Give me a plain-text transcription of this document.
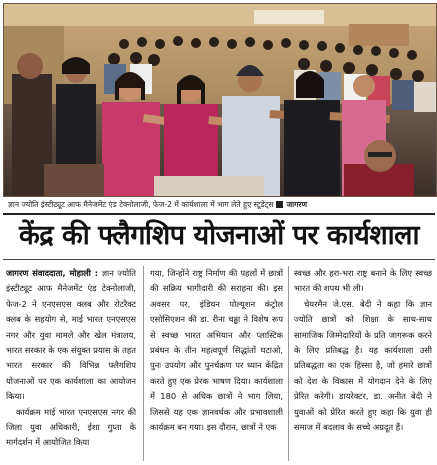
ज्ञान ज्योति इंस्टीट्यूट आफ मैनेजमेंट एंड टेक्नोलाजी, फेज-2 में कार्यशाला में भाग लेते हुए स्टूडेंट्स जागरण
केंद्र की फ्लैगशिप योजनाओं पर कार्यशाला

जागरण संवाददाता, मोहाली : ज्ञान ज्योति इंस्टीट्यूट आफ मैनेजमेंट एंड टेक्नोलाजी, फेज-2 ने एनएसएस क्लब और रोटरैक्ट क्लब के सहयोग से, माई भारत एनएसएस नगर और युवा मामले और खेल मंत्रालय, भारत सरकार के एक संयुक्त प्रयास के तहत भारत सरकार की विभिन्न फ्लैगशिप योजनाओं पर एक कार्यशाला का आयोजन किया।

कार्यक्रम माई भारत एनएसएस नगर की जिला युवा अधिकारी, ईशा गुप्ता के मार्गदर्शन में आयोजित किया

गया, जिन्होंने राष्ट्र निर्माण की पहलों में छात्रों की सक्रिय भागीदारी की सराहना की। इस अवसर पर, इंडियन पोल्यूशन कंट्रोल एसोसिएशन की डा. रीना चड्ढा ने विशेष रूप से स्वच्छ भारत अभियान और प्लास्टिक प्रबंधन के तीन महत्वपूर्ण सिद्धांतों घटाओ, पुनः उपयोग और पुनर्चक्रण पर ध्यान केंद्रित करते हुए एक प्रेरक भाषण दिया। कार्यशाला में 180 से अधिक छात्रों ने भाग लिया, जिससे यह एक ज्ञानवर्धक और प्रभावशाली कार्यक्रम बन गया। इस दौरान, छात्रों ने एक

स्वच्छ और हरा-भरा राष्ट्र बनाने के लिए स्वच्छ भारत की शपथ भी ली।

चेयरमैन जे.एस. बेदी ने कहा कि ज्ञान ज्योति छात्रों को शिक्षा के साथ-साथ सामाजिक जिम्मेदारियों के प्रति जागरूक करने के लिए प्रतिबद्ध है। यह कार्यशाला उसी प्रतिबद्धता का एक हिस्सा है, जो हमारे छात्रों को देश के विकास में योगदान देने के लिए प्रेरित करेगी। डायरेक्टर, डा. अनीत बेदी ने युवाओं को प्रेरित करते हुए कहा कि युवा ही समाज में बदलाव के सच्चे अग्रदूत हैं।
